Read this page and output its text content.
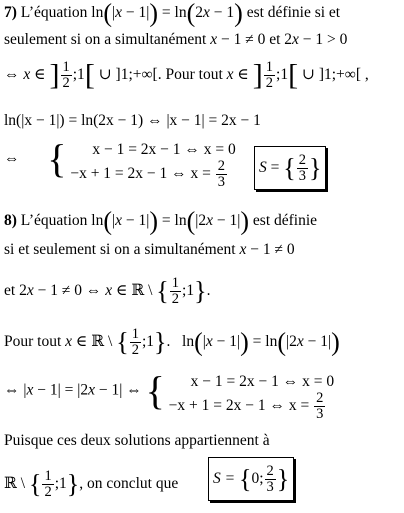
7) L’équation ln(|x − 1|) = ln(2x − 1) est définie si et
seulement si on a simultanément x − 1 ≠ 0 et 2x − 1 > 0
⇔ x ∈ ] $\frac{1}{2}$ ;1[ ∪ ]1;+∞[. Pour tout x ∈ ] $\frac{1}{2}$ ;1[ ∪ ]1;+∞[ ,
ln(|x − 1|) = ln(2x − 1) ⇔ |x − 1| = 2x − 1
⇔ {	x − 1 = 2x − 1 ⇔ x = 0
−x + 1 = 2x − 1 ⇔ $x = \frac{2}{3}$	S = { $\frac{2}{3}$ }
8) L’équation ln(|x − 1|) = ln(|2x − 1|) est définie
si et seulement si on a simultanément x − 1 ≠ 0
et 2x − 1 ≠ 0 ⇔ x ∈ ℝ \ { $\frac{1}{2}$ ;1}.
Pour tout x ∈ ℝ \ { $\frac{1}{2}$ ;1}.   ln(|x − 1|) = ln(|2x − 1|)
⇔ |x − 1| = |2x − 1| ⇔ {	x − 1 = 2x − 1 ⇔ x = 0
−x + 1 = 2x − 1 ⇔ $x = \frac{2}{3}$
Puisque ces deux solutions appartiennent à
ℝ \ { $\frac{1}{2}$ ;1}, on conclut que	S = {0; $\frac{2}{3}$ }
